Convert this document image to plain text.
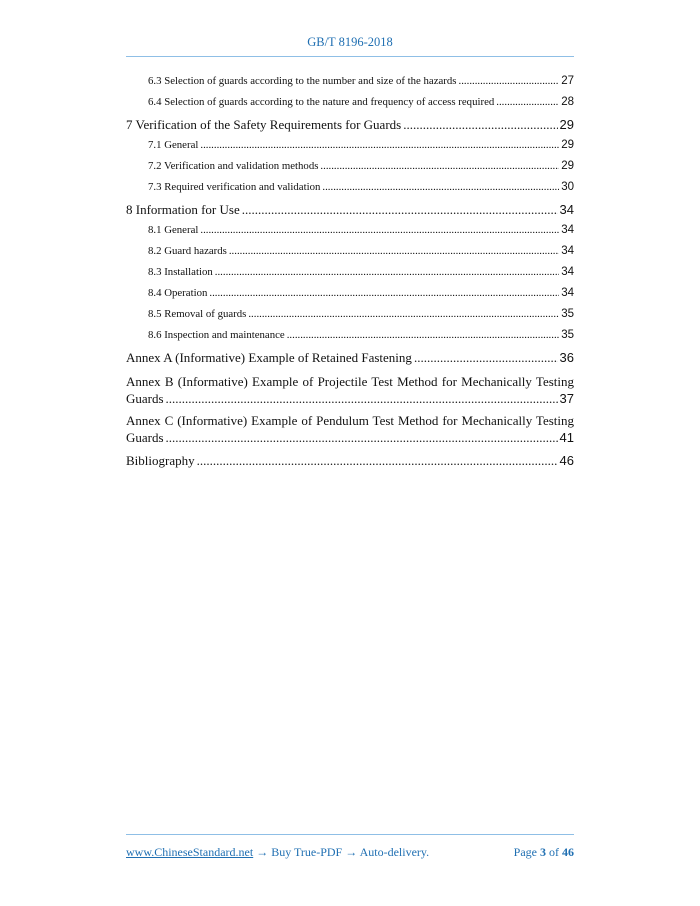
GB/T 8196-2018
6.3 Selection of guards according to the number and size of the hazards .....	27
6.4 Selection of guards according to the nature and frequency of access required .....	28
7 Verification of the Safety Requirements for Guards .....	29
7.1 General .....	29
7.2 Verification and validation methods .....	29
7.3 Required verification and validation .....	30
8 Information for Use .....	34
8.1 General .....	34
8.2 Guard hazards .....	34
8.3 Installation .....	34
8.4 Operation .....	34
8.5 Removal of guards .....	35
8.6 Inspection and maintenance .....	35
Annex A (Informative) Example of Retained Fastening .....	36
Annex B (Informative) Example of Projectile Test Method for Mechanically Testing
Guards .....	37
Annex C (Informative) Example of Pendulum Test Method for Mechanically Testing
Guards .....	41
Bibliography .....	46
www.ChineseStandard.net → Buy True-PDF → Auto-delivery.	Page 3 of 46
